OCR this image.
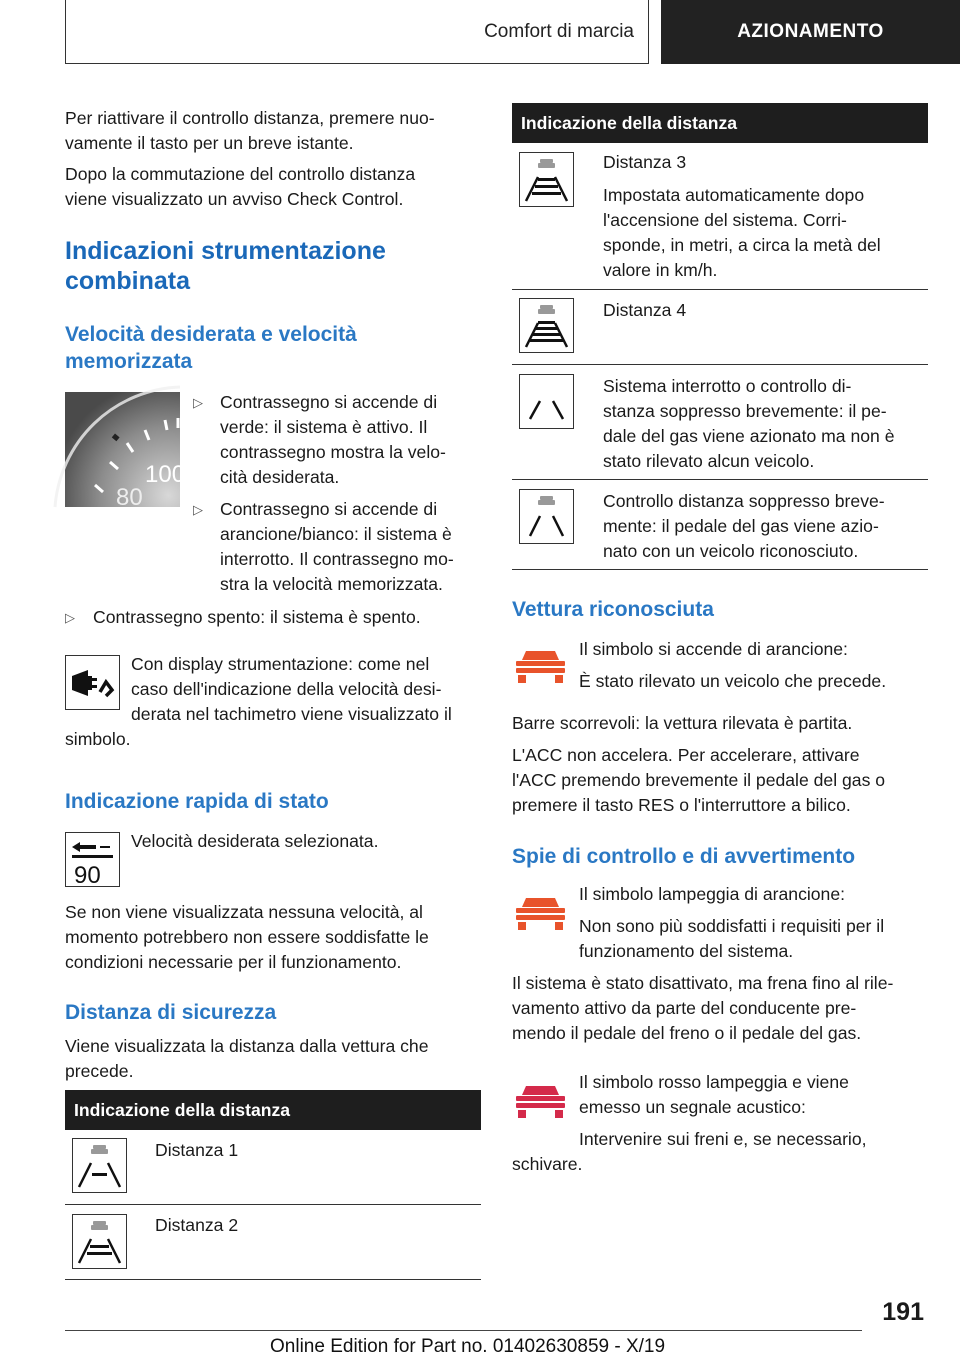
Comfort di marcia	AZIONAMENTO

Per riattivare il controllo distanza, premere nuo-
vamente il tasto per un breve istante.

Dopo la commutazione del controllo distanza
viene visualizzato un avviso Check Control.

Indicazioni strumentazione
combinata
Velocità desiderata e velocità
memorizzata
100
80
▷ Contrassegno si accende di
verde: il sistema è attivo. Il
contrassegno mostra la velo-
cità desiderata.
▷ Contrassegno si accende di
arancione/bianco: il sistema è
interrotto. Il contrassegno mo-
stra la velocità memorizzata.
▷ Contrassegno spento: il sistema è spento.

Con display strumentazione: come nel
caso dell'indicazione della velocità desi-
derata nel tachimetro viene visualizzato il

simbolo.

Indicazione rapida di stato
90

Velocità desiderata selezionata.

Se non viene visualizzata nessuna velocità, al
momento potrebbero non essere soddisfatte le
condizioni necessarie per il funzionamento.

Distanza di sicurezza

Viene visualizzata la distanza dalla vettura che
precede.

Indicazione della distanza
Distanza 1
Distanza 2
Indicazione della distanza
Distanza 3
Impostata automaticamente dopo
l'accensione del sistema. Corri-
sponde, in metri, a circa la metà del
valore in km/h.
Distanza 4
Sistema interrotto o controllo di-
stanza soppresso brevemente: il pe-
dale del gas viene azionato ma non è
stato rilevato alcun veicolo.
Controllo distanza soppresso breve-
mente: il pedale del gas viene azio-
nato con un veicolo riconosciuto.
Vettura riconosciuta

Il simbolo si accende di arancione:

È stato rilevato un veicolo che precede.

Barre scorrevoli: la vettura rilevata è partita.

L'ACC non accelera. Per accelerare, attivare
l'ACC premendo brevemente il pedale del gas o
premere il tasto RES o l'interruttore a bilico.

Spie di controllo e di avvertimento

Il simbolo lampeggia di arancione:

Non sono più soddisfatti i requisiti per il
funzionamento del sistema.

Il sistema è stato disattivato, ma frena fino al rile-
vamento attivo da parte del conducente pre-
mendo il pedale del freno o il pedale del gas.

Il simbolo rosso lampeggia e viene
emesso un segnale acustico:

Intervenire sui freni e, se necessario,

schivare.

191
Online Edition for Part no. 01402630859 - X/19
